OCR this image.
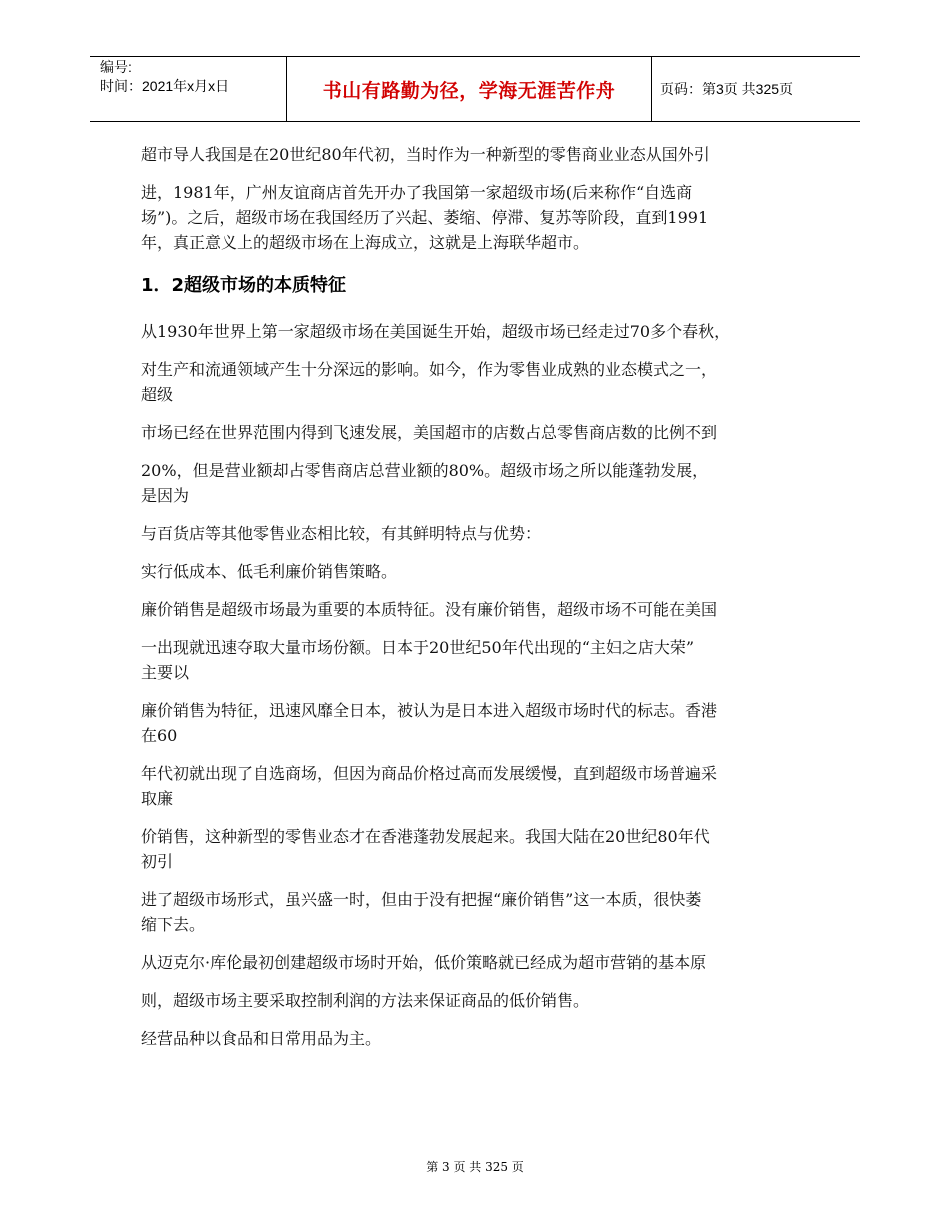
编号:
时间：2021年x月x日	书山有路勤为径，学海无涯苦作舟	页码：第3页 共325页

超市导人我国是在20世纪80年代初，当时作为一种新型的零售商业业态从国外引

进，1981年，广州友谊商店首先开办了我国第一家超级市场(后来称作“自选商

场”)。之后，超级市场在我国经历了兴起、萎缩、停滞、复苏等阶段，直到1991

年，真正意义上的超级市场在上海成立，这就是上海联华超市。

1．2超级市场的本质特征

从1930年世界上第一家超级市场在美国诞生开始，超级市场已经走过70多个春秋，

对生产和流通领域产生十分深远的影响。如今，作为零售业成熟的业态模式之一，

超级

市场已经在世界范围内得到飞速发展，美国超市的店数占总零售商店数的比例不到

20%，但是营业额却占零售商店总营业额的80%。超级市场之所以能蓬勃发展，

是因为

与百货店等其他零售业态相比较，有其鲜明特点与优势：

实行低成本、低毛利廉价销售策略。

廉价销售是超级市场最为重要的本质特征。没有廉价销售，超级市场不可能在美国

一出现就迅速夺取大量市场份额。日本于20世纪50年代出现的“主妇之店大荣”

主要以

廉价销售为特征，迅速风靡全日本，被认为是日本进入超级市场时代的标志。香港

在60

年代初就出现了自选商场，但因为商品价格过高而发展缓慢，直到超级市场普遍采

取廉

价销售，这种新型的零售业态才在香港蓬勃发展起来。我国大陆在20世纪80年代

初引

进了超级市场形式，虽兴盛一时，但由于没有把握“廉价销售”这一本质，很快萎

缩下去。

从迈克尔·库伦最初创建超级市场时开始，低价策略就已经成为超市营销的基本原

则，超级市场主要采取控制利润的方法来保证商品的低价销售。

经营品种以食品和日常用品为主。

第 3 页 共 325 页
